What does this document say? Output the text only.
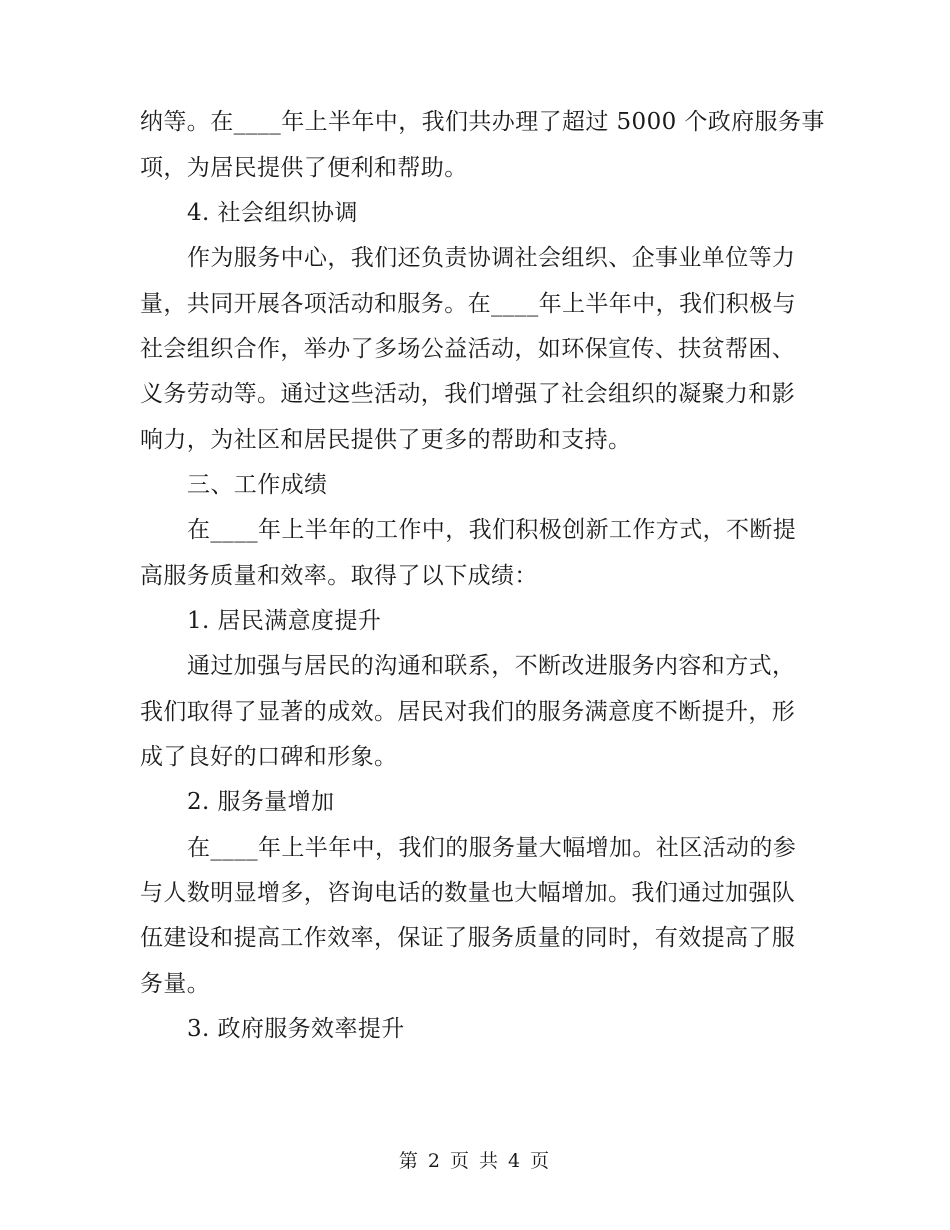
纳等。在____年上半年中，我们共办理了超过 5000 个政府服务事
项，为居民提供了便利和帮助。
4. 社会组织协调
作为服务中心，我们还负责协调社会组织、企事业单位等力
量，共同开展各项活动和服务。在____年上半年中，我们积极与
社会组织合作，举办了多场公益活动，如环保宣传、扶贫帮困、
义务劳动等。通过这些活动，我们增强了社会组织的凝聚力和影
响力，为社区和居民提供了更多的帮助和支持。
三、工作成绩
在____年上半年的工作中，我们积极创新工作方式，不断提
高服务质量和效率。取得了以下成绩：
1. 居民满意度提升
通过加强与居民的沟通和联系，不断改进服务内容和方式，
我们取得了显著的成效。居民对我们的服务满意度不断提升，形
成了良好的口碑和形象。
2. 服务量增加
在____年上半年中，我们的服务量大幅增加。社区活动的参
与人数明显增多，咨询电话的数量也大幅增加。我们通过加强队
伍建设和提高工作效率，保证了服务质量的同时，有效提高了服
务量。
3. 政府服务效率提升
第 2 页 共 4 页
